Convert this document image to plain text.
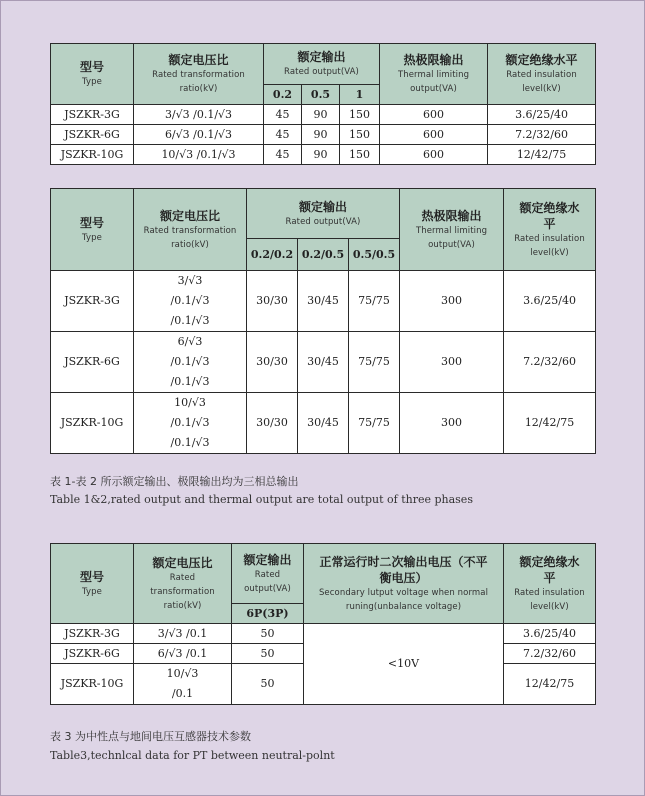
型号
Type	额定电压比
Rated transformation
ratio(kV)	额定输出
Rated output(VA)			热极限输出
Thermal limiting
output(VA)	额定绝缘水平
Rated insulation
level(kV)

		0.2	0.5	1		
JSZKR-3G	3/√3 /0.1/√3	45	90	150	600	3.6/25/40
JSZKR-6G	6/√3 /0.1/√3	45	90	150	600	7.2/32/60
JSZKR-10G	10/√3 /0.1/√3	45	90	150	600	12/42/75
型号
Type	额定电压比
Rated transformation
ratio(kV)	额定输出
Rated output(VA)			热极限输出
Thermal limiting
output(VA)	额定绝缘水
平
Rated insulation
level(kV)

		0.2/0.2	0.2/0.5	0.5/0.5		
JSZKR-3G	3/√3
/0.1/√3
/0.1/√3	30/30	30/45	75/75	300	3.6/25/40
JSZKR-6G	6/√3
/0.1/√3
/0.1/√3	30/30	30/45	75/75	300	7.2/32/60
JSZKR-10G	10/√3
/0.1/√3
/0.1/√3	30/30	30/45	75/75	300	12/42/75
表 1-表 2 所示额定输出、极限输出均为三相总输出
Table 1&2,rated output and thermal output are total output of three phases
型号
Type	额定电压比
Rated
transformation
ratio(kV)	额定输出
Rated
output(VA)	正常运行时二次输出电压（不平
衡电压）
Secondary lutput voltage when normal
runing(unbalance voltage)	额定绝缘水
平
Rated insulation
level(kV)

		6P(3P)		
JSZKR-3G	3/√3 /0.1	50	<10V	3.6/25/40
JSZKR-6G	6/√3 /0.1	50		7.2/32/60
JSZKR-10G	10/√3
/0.1	50		12/42/75
表 3 为中性点与地间电压互感器技术参数
Table3,technlcal data for PT between neutral-polnt
